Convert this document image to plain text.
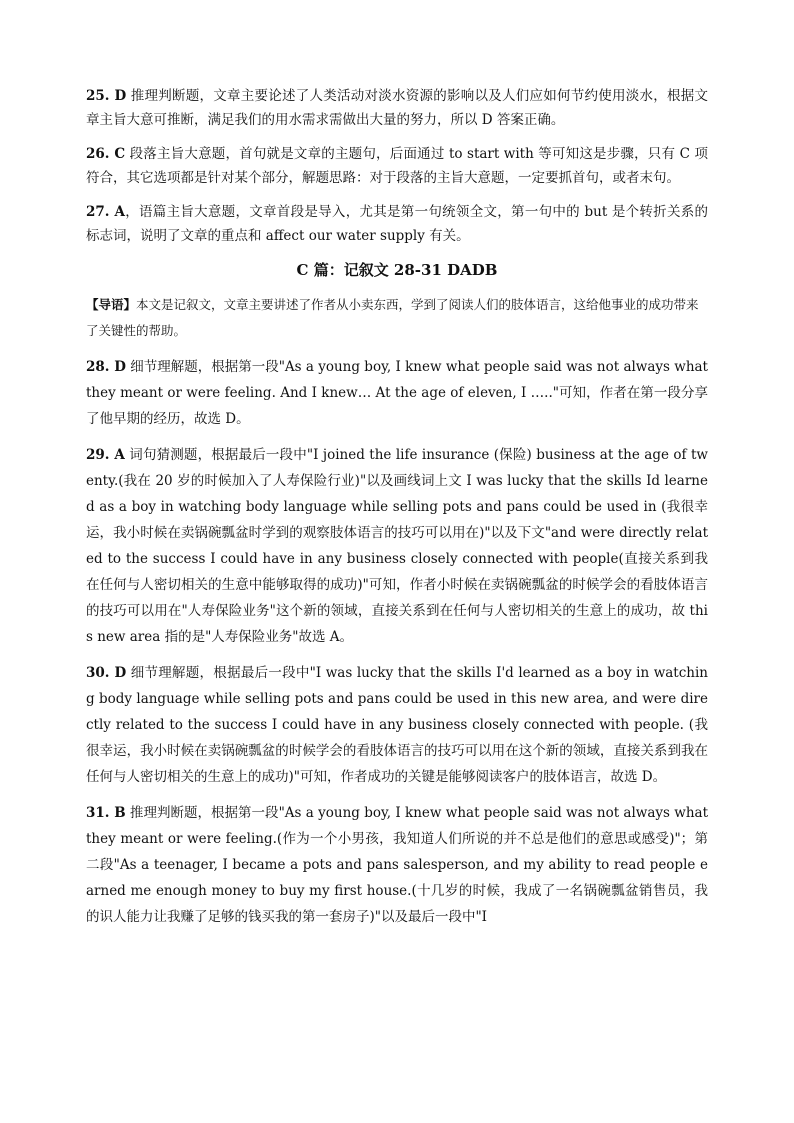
25. D 推理判断题，文章主要论述了人类活动对淡水资源的影响以及人们应如何节约使用淡水，根据文章主旨大意可推断，满足我们的用水需求需做出大量的努力，所以 D 答案正确。

26. C 段落主旨大意题，首句就是文章的主题句，后面通过 to start with 等可知这是步骤，只有 C 项符合，其它选项都是针对某个部分，解题思路：对于段落的主旨大意题，一定要抓首句，或者末句。

27. A，语篇主旨大意题，文章首段是导入，尤其是第一句统领全文，第一句中的 but 是个转折关系的标志词，说明了文章的重点和 affect our water supply 有关。

C 篇：记叙文 28-31 DADB

【导语】本文是记叙文，文章主要讲述了作者从小卖东西，学到了阅读人们的肢体语言，这给他事业的成功带来了关键性的帮助。

28. D 细节理解题，根据第一段"As a young boy, I knew what people said was not always what they meant or were feeling. And I knew… At the age of eleven, I ….."可知，作者在第一段分享了他早期的经历，故选 D。

29. A 词句猜测题，根据最后一段中"I joined the life insurance (保险) business at the age of twenty.(我在 20 岁的时候加入了人寿保险行业)"以及画线词上文 I was lucky that the skills Id learned as a boy in watching body language while selling pots and pans could be used in (我很幸运，我小时候在卖锅碗瓢盆时学到的观察肢体语言的技巧可以用在)"以及下文"and were directly related to the success I could have in any business closely connected with people(直接关系到我在任何与人密切相关的生意中能够取得的成功)"可知，作者小时候在卖锅碗瓢盆的时候学会的看肢体语言的技巧可以用在"人寿保险业务"这个新的领域，直接关系到在任何与人密切相关的生意上的成功，故 this new area 指的是"人寿保险业务"故选 A。

30. D 细节理解题，根据最后一段中"I was lucky that the skills I'd learned as a boy in watching body language while selling pots and pans could be used in this new area, and were directly related to the success I could have in any business closely connected with people. (我很幸运，我小时候在卖锅碗瓢盆的时候学会的看肢体语言的技巧可以用在这个新的领域，直接关系到我在任何与人密切相关的生意上的成功)"可知，作者成功的关键是能够阅读客户的肢体语言，故选 D。

31. B 推理判断题，根据第一段"As a young boy, I knew what people said was not always what they meant or were feeling.(作为一个小男孩，我知道人们所说的并不总是他们的意思或感受)"；第二段"As a teenager, I became a pots and pans salesperson, and my ability to read people earned me enough money to buy my first house.(十几岁的时候，我成了一名锅碗瓢盆销售员，我的识人能力让我赚了足够的钱买我的第一套房子)"以及最后一段中"I
